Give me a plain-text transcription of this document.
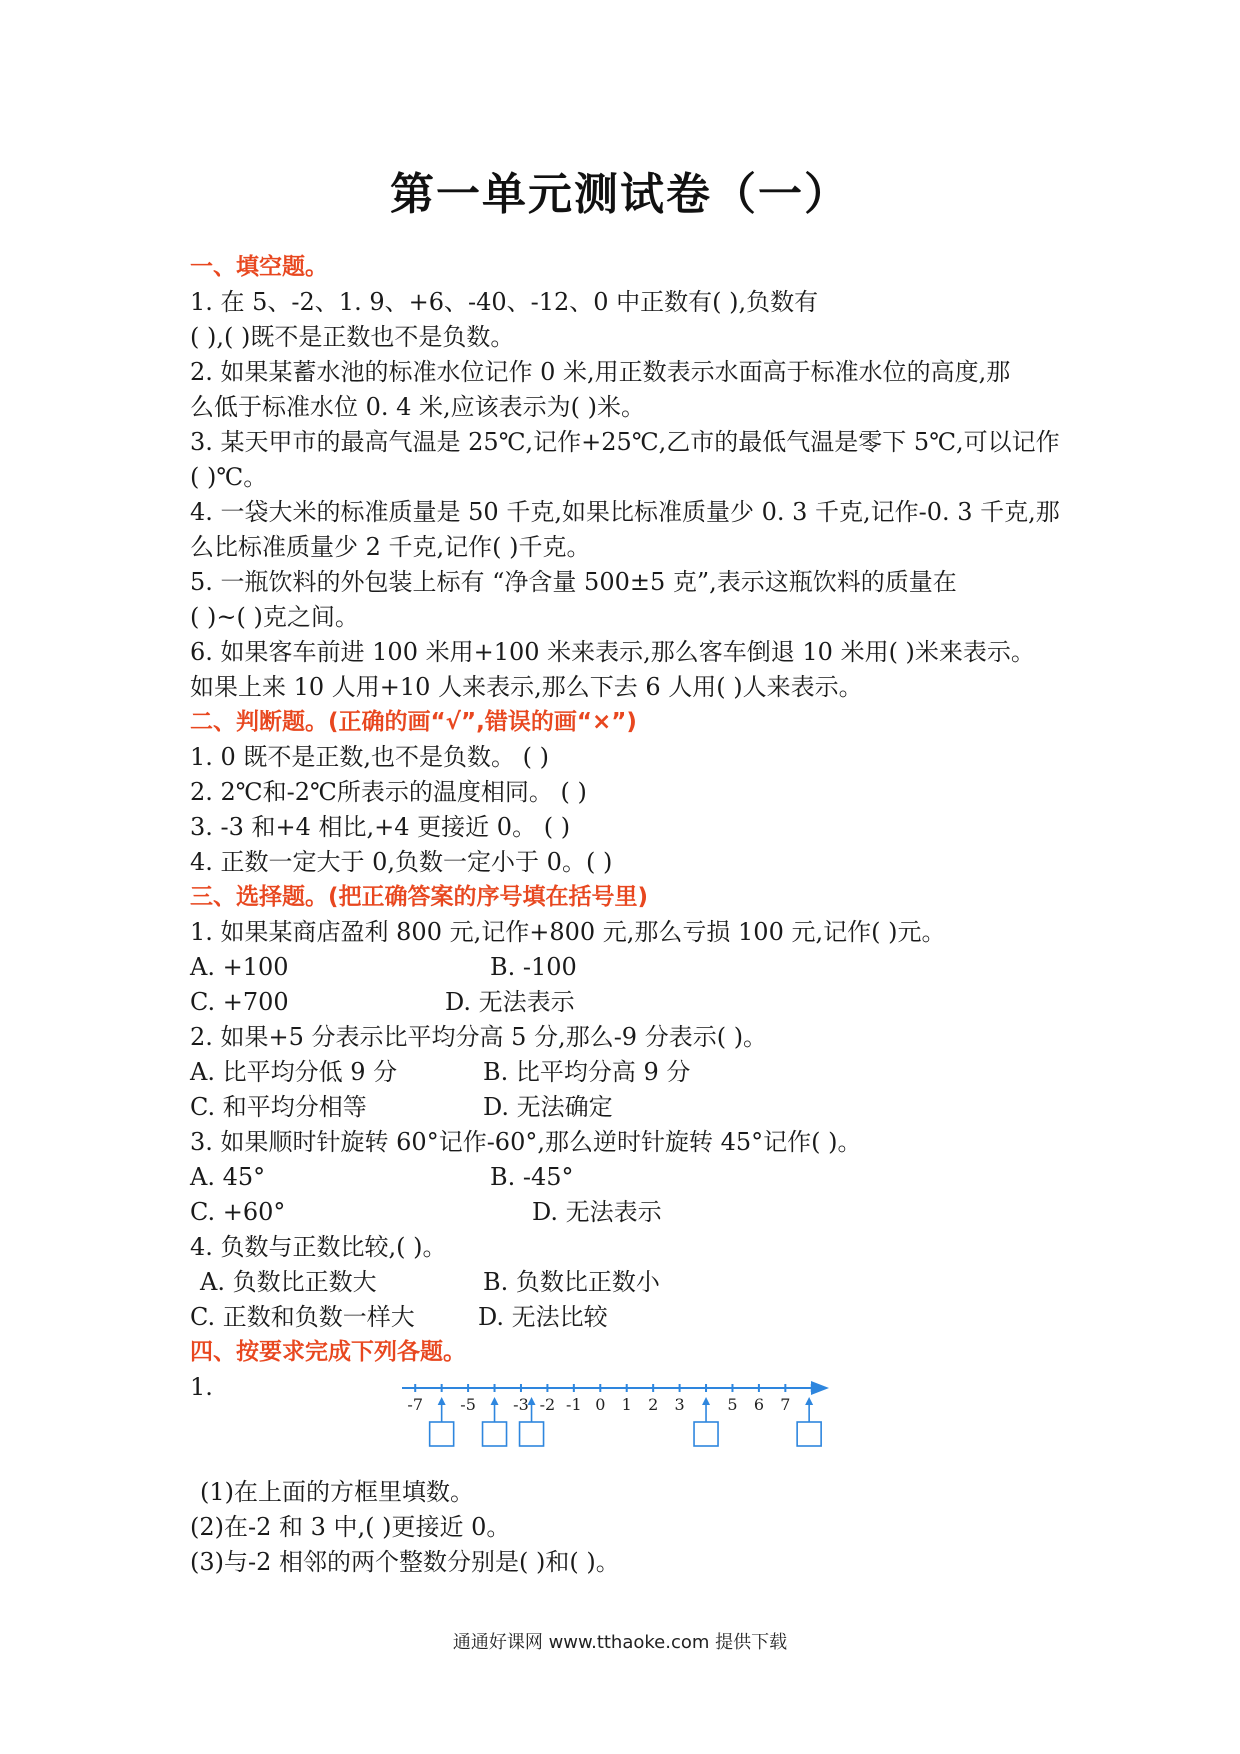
第一单元测试卷（一）
一、填空题。
1. 在 5、-2、1. 9、+6、-40、-12、0 中正数有( ),负数有
( ),( )既不是正数也不是负数。
2. 如果某蓄水池的标准水位记作 0 米,用正数表示水面高于标准水位的高度,那
么低于标准水位 0. 4 米,应该表示为( )米。
3. 某天甲市的最高气温是 25℃,记作+25℃,乙市的最低气温是零下 5℃,可以记作
( )℃。
4. 一袋大米的标准质量是 50 千克,如果比标准质量少 0. 3 千克,记作-0. 3 千克,那
么比标准质量少 2 千克,记作( )千克。
5. 一瓶饮料的外包装上标有 “净含量 500±5 克”,表示这瓶饮料的质量在
( )~( )克之间。
6. 如果客车前进 100 米用+100 米来表示,那么客车倒退 10 米用( )米来表示。
如果上来 10 人用+10 人来表示,那么下去 6 人用( )人来表示。
二、判断题。(正确的画“√”,错误的画“×”)
1. 0 既不是正数,也不是负数。 ( )
2. 2℃和-2℃所表示的温度相同。 ( )
3. -3 和+4 相比,+4 更接近 0。 ( )
4. 正数一定大于 0,负数一定小于 0。( )
三、选择题。(把正确答案的序号填在括号里)
1. 如果某商店盈利 800 元,记作+800 元,那么亏损 100 元,记作( )元。
A. +100	B. -100
C. +700	D. 无法表示
2. 如果+5 分表示比平均分高 5 分,那么-9 分表示( )。
A. 比平均分低 9 分	B. 比平均分高 9 分
C. 和平均分相等	D. 无法确定
3. 如果顺时针旋转 60°记作-60°,那么逆时针旋转 45°记作( )。
A. 45°	B. -45°
C. +60°	D. 无法表示
4. 负数与正数比较,( )。
A. 负数比正数大	B. 负数比正数小
C. 正数和负数一样大	D. 无法比较
四、按要求完成下列各题。
1.
-7 -5 -3 -2 -1 0 1 2 3	5 6 7
(1)在上面的方框里填数。
(2)在-2 和 3 中,( )更接近 0。
(3)与-2 相邻的两个整数分别是( )和( )。
通通好课网 www.tthaoke.com 提供下载
